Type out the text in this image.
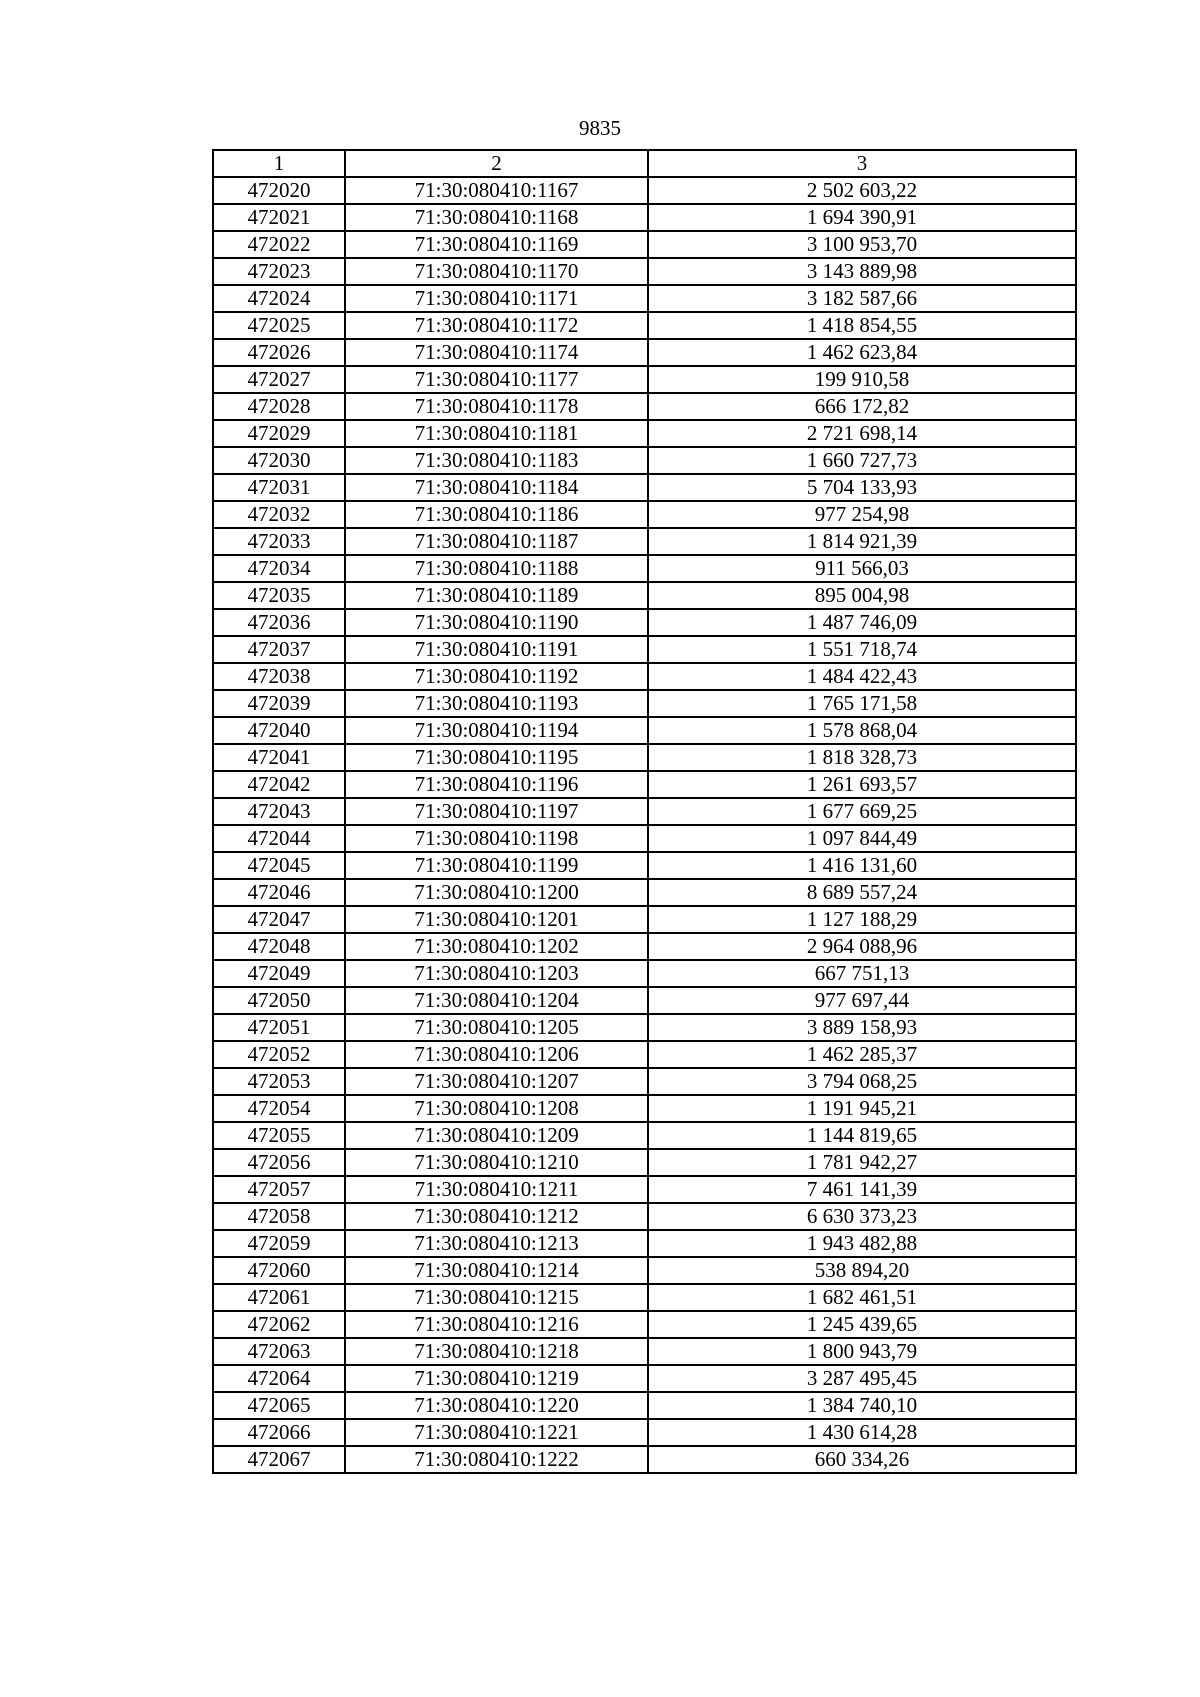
9835
1	2	3
472020	71:30:080410:1167	2 502 603,22
472021	71:30:080410:1168	1 694 390,91
472022	71:30:080410:1169	3 100 953,70
472023	71:30:080410:1170	3 143 889,98
472024	71:30:080410:1171	3 182 587,66
472025	71:30:080410:1172	1 418 854,55
472026	71:30:080410:1174	1 462 623,84
472027	71:30:080410:1177	199 910,58
472028	71:30:080410:1178	666 172,82
472029	71:30:080410:1181	2 721 698,14
472030	71:30:080410:1183	1 660 727,73
472031	71:30:080410:1184	5 704 133,93
472032	71:30:080410:1186	977 254,98
472033	71:30:080410:1187	1 814 921,39
472034	71:30:080410:1188	911 566,03
472035	71:30:080410:1189	895 004,98
472036	71:30:080410:1190	1 487 746,09
472037	71:30:080410:1191	1 551 718,74
472038	71:30:080410:1192	1 484 422,43
472039	71:30:080410:1193	1 765 171,58
472040	71:30:080410:1194	1 578 868,04
472041	71:30:080410:1195	1 818 328,73
472042	71:30:080410:1196	1 261 693,57
472043	71:30:080410:1197	1 677 669,25
472044	71:30:080410:1198	1 097 844,49
472045	71:30:080410:1199	1 416 131,60
472046	71:30:080410:1200	8 689 557,24
472047	71:30:080410:1201	1 127 188,29
472048	71:30:080410:1202	2 964 088,96
472049	71:30:080410:1203	667 751,13
472050	71:30:080410:1204	977 697,44
472051	71:30:080410:1205	3 889 158,93
472052	71:30:080410:1206	1 462 285,37
472053	71:30:080410:1207	3 794 068,25
472054	71:30:080410:1208	1 191 945,21
472055	71:30:080410:1209	1 144 819,65
472056	71:30:080410:1210	1 781 942,27
472057	71:30:080410:1211	7 461 141,39
472058	71:30:080410:1212	6 630 373,23
472059	71:30:080410:1213	1 943 482,88
472060	71:30:080410:1214	538 894,20
472061	71:30:080410:1215	1 682 461,51
472062	71:30:080410:1216	1 245 439,65
472063	71:30:080410:1218	1 800 943,79
472064	71:30:080410:1219	3 287 495,45
472065	71:30:080410:1220	1 384 740,10
472066	71:30:080410:1221	1 430 614,28
472067	71:30:080410:1222	660 334,26
